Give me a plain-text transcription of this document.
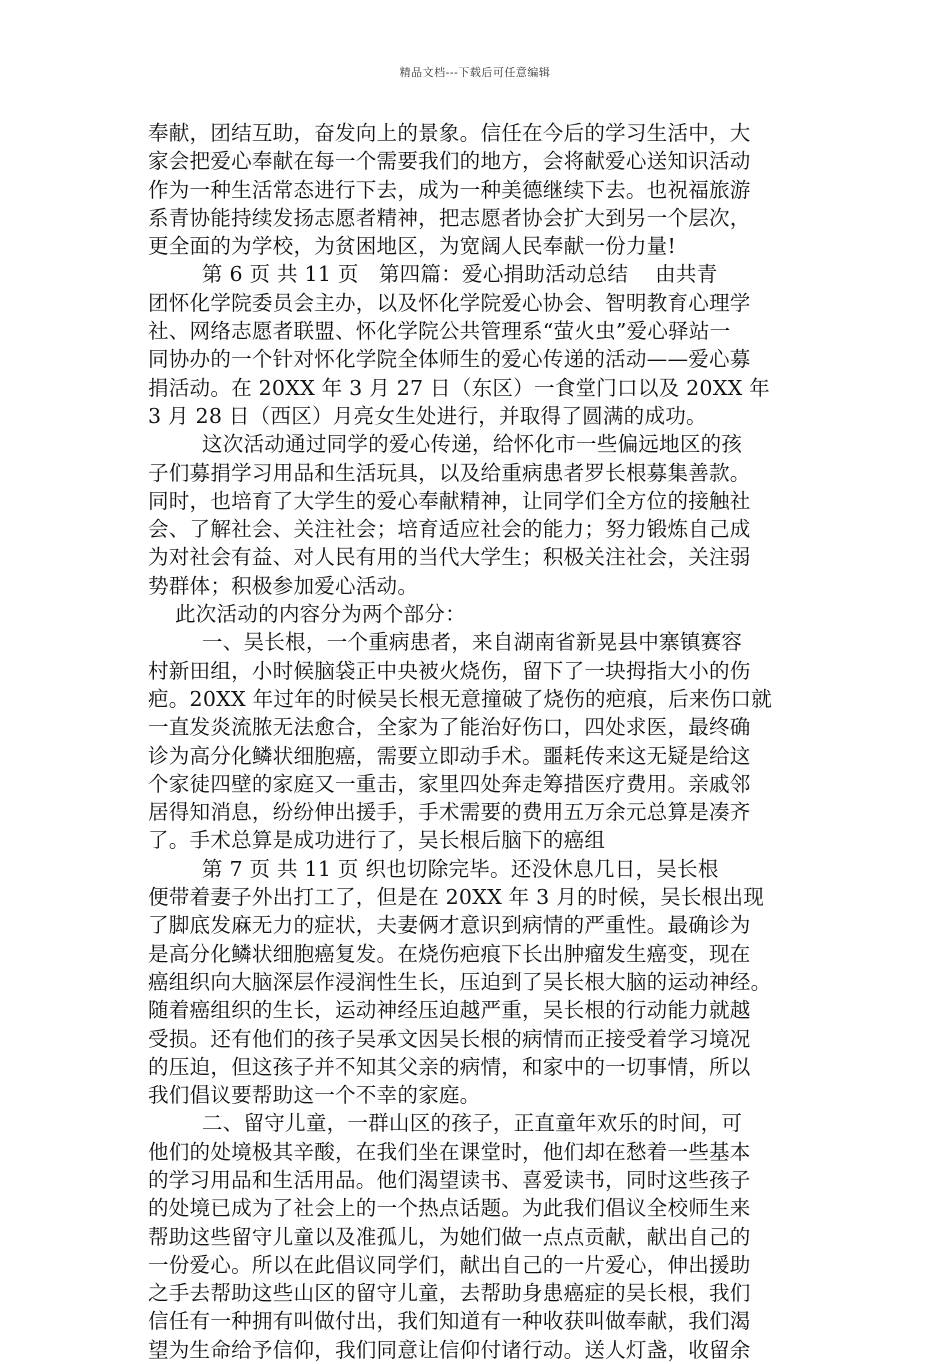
精品文档---下载后可任意编辑
奉献，团结互助，奋发向上的景象。信任在今后的学习生活中，大
家会把爱心奉献在每一个需要我们的地方，会将献爱心送知识活动
作为一种生活常态进行下去，成为一种美德继续下去。也祝福旅游
系青协能持续发扬志愿者精神，把志愿者协会扩大到另一个层次，
更全面的为学校，为贫困地区，为宽阔人民奉献一份力量!
第 6 页 共 11 页   第四篇：爱心捐助活动总结    由共青
团怀化学院委员会主办，以及怀化学院爱心协会、智明教育心理学
社、网络志愿者联盟、怀化学院公共管理系“萤火虫”爱心驿站一
同协办的一个针对怀化学院全体师生的爱心传递的活动——爱心募
捐活动。在 20XX 年 3 月 27 日（东区）一食堂门口以及 20XX 年
3 月 28 日（西区）月亮女生处进行，并取得了圆满的成功。
这次活动通过同学的爱心传递，给怀化市一些偏远地区的孩
子们募捐学习用品和生活玩具，以及给重病患者罗长根募集善款。
同时，也培育了大学生的爱心奉献精神，让同学们全方位的接触社
会、了解社会、关注社会；培育适应社会的能力；努力锻炼自己成
为对社会有益、对人民有用的当代大学生；积极关注社会，关注弱
势群体；积极参加爱心活动。
此次活动的内容分为两个部分：
一、吴长根，一个重病患者，来自湖南省新晃县中寨镇赛容
村新田组，小时候脑袋正中央被火烧伤，留下了一块拇指大小的伤
疤。20XX 年过年的时候吴长根无意撞破了烧伤的疤痕，后来伤口就
一直发炎流脓无法愈合，全家为了能治好伤口，四处求医，最终确
诊为高分化鳞状细胞癌，需要立即动手术。噩耗传来这无疑是给这
个家徒四壁的家庭又一重击，家里四处奔走筹措医疗费用。亲戚邻
居得知消息，纷纷伸出援手，手术需要的费用五万余元总算是凑齐
了。手术总算是成功进行了，吴长根后脑下的癌组
第 7 页 共 11 页 织也切除完毕。还没休息几日，吴长根
便带着妻子外出打工了，但是在 20XX 年 3 月的时候，吴长根出现
了脚底发麻无力的症状，夫妻俩才意识到病情的严重性。最确诊为
是高分化鳞状细胞癌复发。在烧伤疤痕下长出肿瘤发生癌变，现在
癌组织向大脑深层作浸润性生长，压迫到了吴长根大脑的运动神经。
随着癌组织的生长，运动神经压迫越严重，吴长根的行动能力就越
受损。还有他们的孩子吴承文因吴长根的病情而正接受着学习境况
的压迫，但这孩子并不知其父亲的病情，和家中的一切事情，所以
我们倡议要帮助这一个不幸的家庭。
二、留守儿童，一群山区的孩子，正直童年欢乐的时间，可
他们的处境极其辛酸，在我们坐在课堂时，他们却在愁着一些基本
的学习用品和生活用品。他们渴望读书、喜爱读书，同时这些孩子
的处境已成为了社会上的一个热点话题。为此我们倡议全校师生来
帮助这些留守儿童以及准孤儿，为她们做一点点贡献，献出自己的
一份爱心。所以在此倡议同学们，献出自己的一片爱心，伸出援助
之手去帮助这些山区的留守儿童，去帮助身患癌症的吴长根，我们
信任有一种拥有叫做付出，我们知道有一种收获叫做奉献，我们渴
望为生命给予信仰，我们同意让信仰付诸行动。送人灯盏，收留余
